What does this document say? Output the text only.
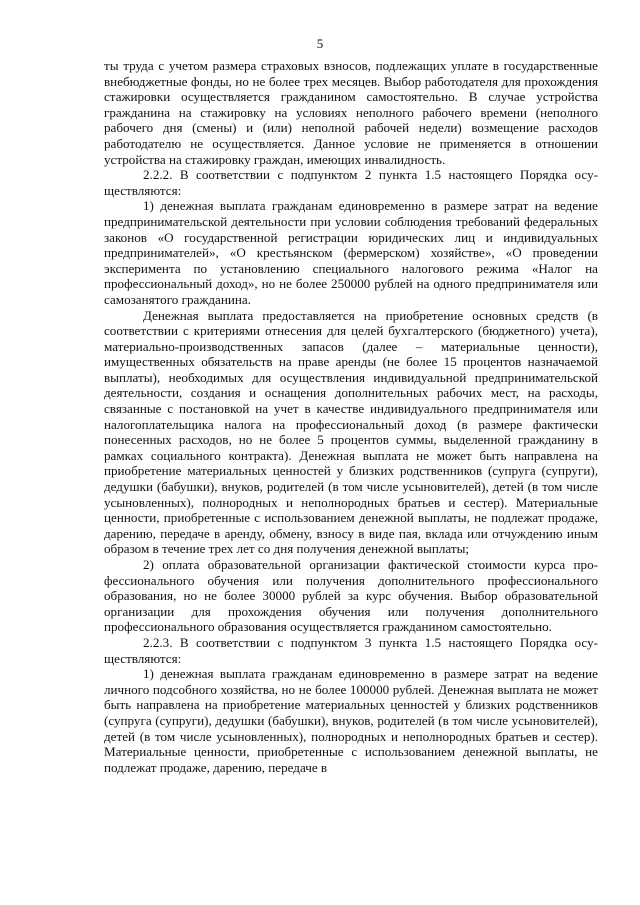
5

ты труда с учетом размера страховых взносов, подлежащих уплате в государственные внебюджетные фонды, но не более трех месяцев. Выбор работодателя для прохождения стажировки осуществляется гражданином самостоятельно. В случае устройства гражданина на стажировку на условиях неполного рабочего времени (неполного рабочего дня (смены) и (или) неполной рабочей недели) возмещение расходов работодателю не осуществляется. Данное условие не применяется в отношении устройства на стажировку граждан, имеющих инвалидность.

2.2.2. В соответствии с подпунктом 2 пункта 1.5 настоящего Порядка осуществляются:

1) денежная выплата гражданам единовременно в размере затрат на ведение предпринимательской деятельности при условии соблюдения требований федеральных законов «О государственной регистрации юридических лиц и индивидуальных предпринимателей», «О крестьянском (фермерском) хозяйстве», «О проведении эксперимента по установлению специального налогового режима «Налог на профессиональный доход», но не более 250000 рублей на одного предпринимателя или самозанятого гражданина.

Денежная выплата предоставляется на приобретение основных средств (в соответствии с критериями отнесения для целей бухгалтерского (бюджетного) учета), материально-производственных запасов (далее – материальные ценности), имущественных обязательств на праве аренды (не более 15 процентов назначаемой выплаты), необходимых для осуществления индивидуальной предпринимательской деятельности, создания и оснащения дополнительных рабочих мест, на расходы, связанные с постановкой на учет в качестве индивидуального предпринимателя или налогоплательщика налога на профессиональный доход (в размере фактически понесенных расходов, но не более 5 процентов суммы, выделенной гражданину в рамках социального контракта). Денежная выплата не может быть направлена на приобретение материальных ценностей у близких родственников (супруга (супруги), дедушки (бабушки), внуков, родителей (в том числе усыновителей), детей (в том числе усыновленных), полнородных и неполнородных братьев и сестер). Материальные ценности, приобретенные с использованием денежной выплаты, не подлежат продаже, дарению, передаче в аренду, обмену, взносу в виде пая, вклада или отчуждению иным образом в течение трех лет со дня получения денежной выплаты;

2) оплата образовательной организации фактической стоимости курса профессионального обучения или получения дополнительного профессионального образования, но не более 30000 рублей за курс обучения. Выбор образовательной организации для прохождения обучения или получения дополнительного профессионального образования осуществляется гражданином самостоятельно.

2.2.3. В соответствии с подпунктом 3 пункта 1.5 настоящего Порядка осуществляются:

1) денежная выплата гражданам единовременно в размере затрат на ведение личного подсобного хозяйства, но не более 100000 рублей. Денежная выплата не может быть направлена на приобретение материальных ценностей у близких родственников (супруга (супруги), дедушки (бабушки), внуков, родителей (в том числе усыновителей), детей (в том числе усыновленных), полнородных и неполнородных братьев и сестер). Материальные ценности, приобретенные с использованием денежной выплаты, не подлежат продаже, дарению, передаче в
